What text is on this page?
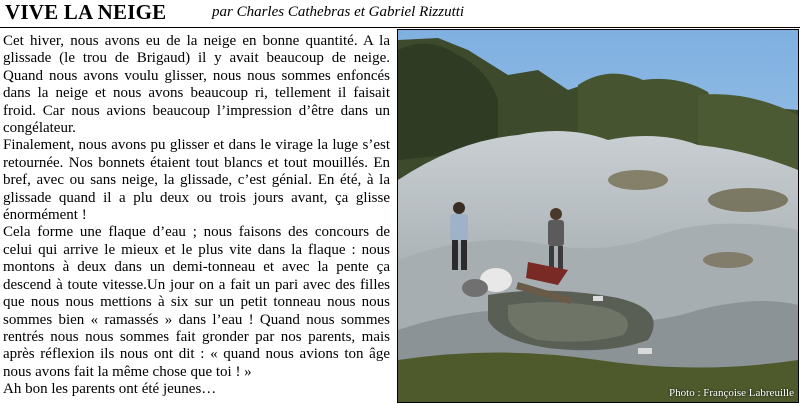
VIVE LA NEIGE	par Charles Cathebras et Gabriel Rizzutti

Cet hiver, nous avons eu de la neige en bonne quantité. A la glissade (le trou de Brigaud) il y avait beaucoup de neige. Quand nous avons voulu glisser, nous nous sommes enfoncés dans la neige et nous avons beaucoup ri, tellement il faisait froid. Car nous avions beaucoup l’impression d’être dans un congélateur.

Finalement, nous avons pu glisser et dans le virage la luge s’est retournée. Nos bonnets étaient tout blancs et tout mouillés. En bref, avec ou sans neige, la glissade, c’est génial. En été, à la glissade quand il a plu deux ou trois jours avant, ça glisse énormément !

Cela forme une flaque d’eau ; nous faisons des concours de celui qui arrive le mieux et le plus vite dans la flaque : nous montons à deux dans un demi-tonneau et avec la pente ça descend à toute vitesse.Un jour on a fait un pari avec des filles que nous nous mettions à six sur un petit tonneau nous nous sommes bien « ramassés » dans l’eau ! Quand nous sommes rentrés nous nous sommes fait gronder par nos parents, mais après réflexion ils nous ont dit : « quand nous avions ton âge nous avons fait la même chose que toi ! »

Ah bon les parents ont été jeunes…	Photo : Françoise Labreuille
